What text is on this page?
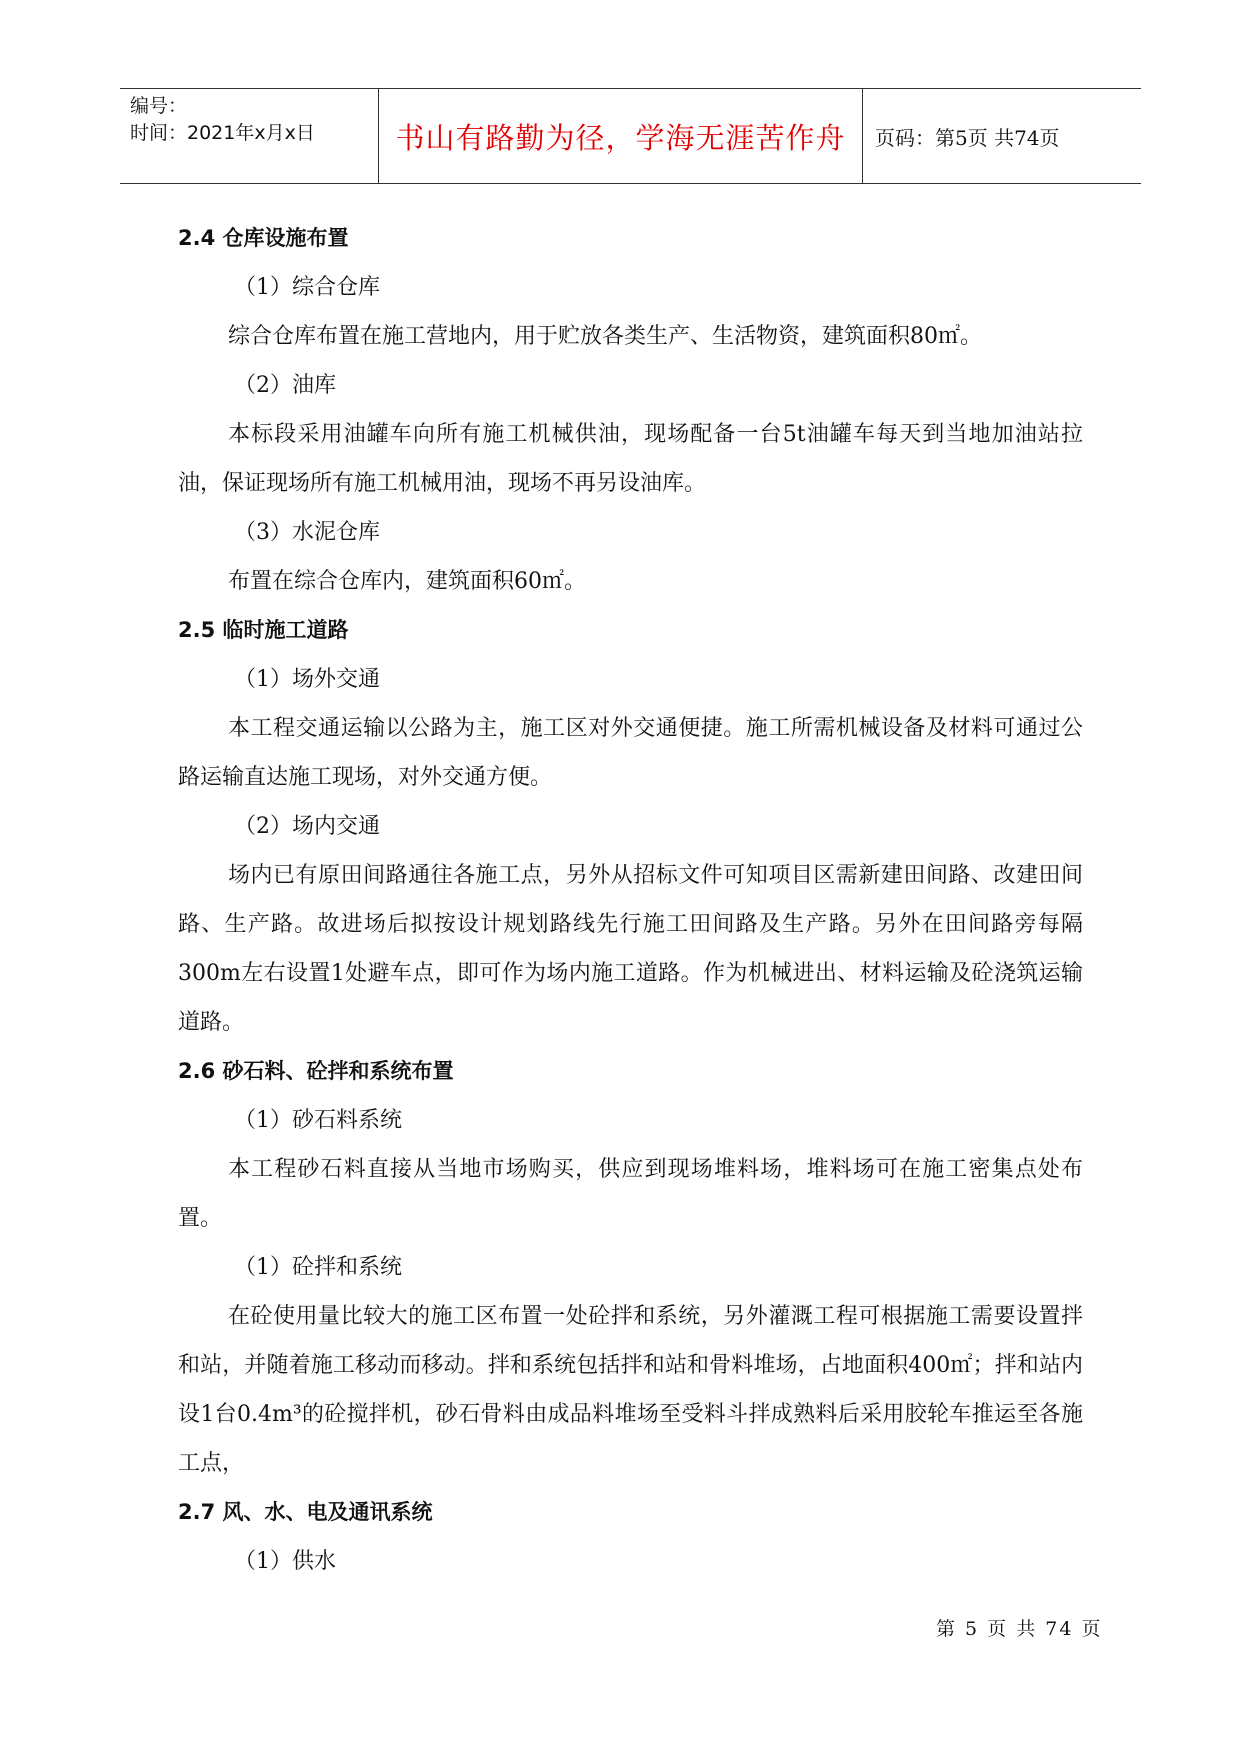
编号：
时间：2021年x月x日	书山有路勤为径，学海无涯苦作舟	页码：第5页 共74页
2.4 仓库设施布置
（1）综合仓库
综合仓库布置在施工营地内，用于贮放各类生产、生活物资，建筑面积80㎡。
（2）油库
本标段采用油罐车向所有施工机械供油，现场配备一台5t油罐车每天到当地加油站拉油，保证现场所有施工机械用油，现场不再另设油库。
（3）水泥仓库
布置在综合仓库内，建筑面积60㎡。
2.5 临时施工道路
（1）场外交通
本工程交通运输以公路为主，施工区对外交通便捷。施工所需机械设备及材料可通过公路运输直达施工现场，对外交通方便。
（2）场内交通
场内已有原田间路通往各施工点，另外从招标文件可知项目区需新建田间路、改建田间路、生产路。故进场后拟按设计规划路线先行施工田间路及生产路。另外在田间路旁每隔300m左右设置1处避车点，即可作为场内施工道路。作为机械进出、材料运输及砼浇筑运输道路。
2.6 砂石料、砼拌和系统布置
（1）砂石料系统
本工程砂石料直接从当地市场购买，供应到现场堆料场，堆料场可在施工密集点处布置。
（1）砼拌和系统
在砼使用量比较大的施工区布置一处砼拌和系统，另外灌溉工程可根据施工需要设置拌和站，并随着施工移动而移动。拌和系统包括拌和站和骨料堆场，占地面积400㎡；拌和站内设1台0.4m³的砼搅拌机，砂石骨料由成品料堆场至受料斗拌成熟料后采用胶轮车推运至各施工点，
2.7 风、水、电及通讯系统
（1）供水
第 5 页 共 74 页
